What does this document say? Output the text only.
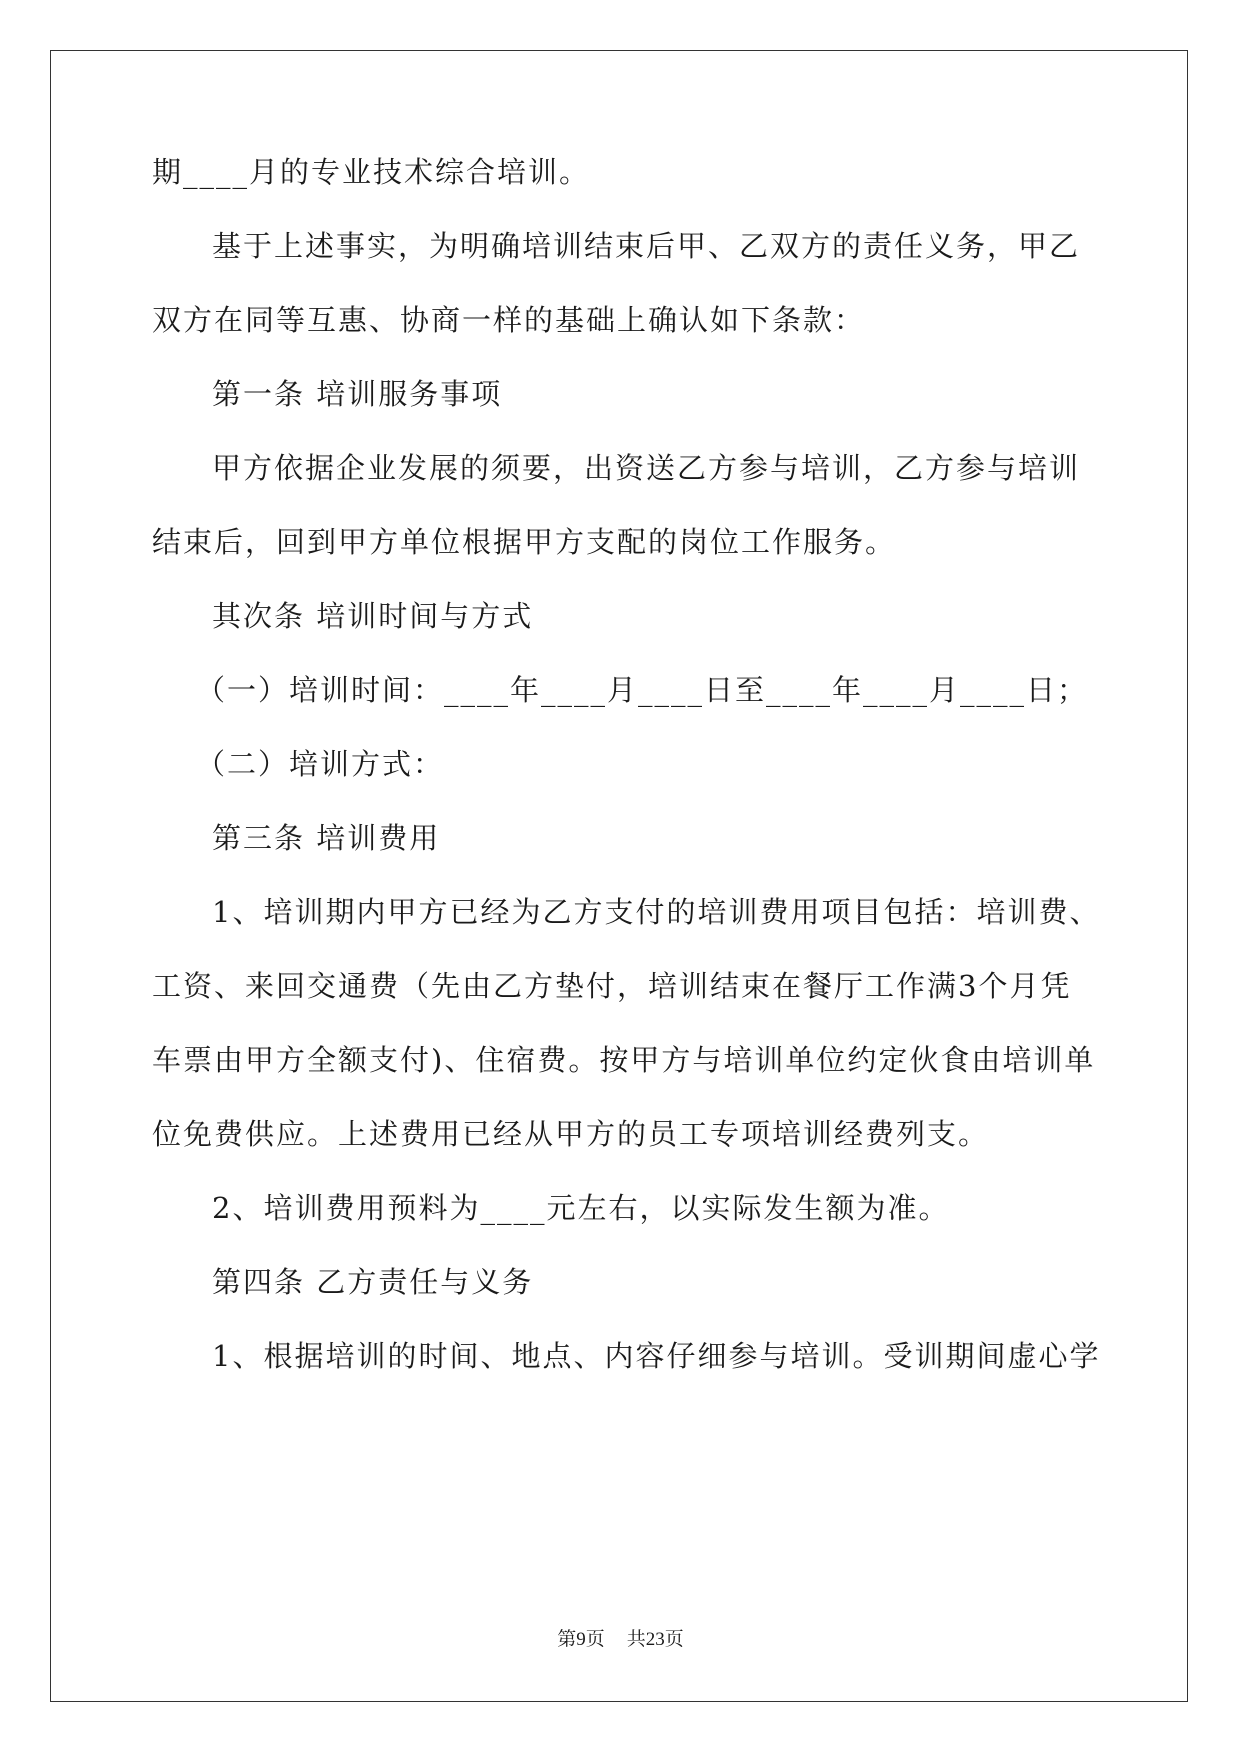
期____月的专业技术综合培训。
基于上述事实，为明确培训结束后甲、乙双方的责任义务，甲乙
双方在同等互惠、协商一样的基础上确认如下条款：
第一条 培训服务事项
甲方依据企业发展的须要，出资送乙方参与培训，乙方参与培训
结束后，回到甲方单位根据甲方支配的岗位工作服务。
其次条 培训时间与方式
（一）培训时间：____年____月____日至____年____月____日；
（二）培训方式：
第三条 培训费用
1、培训期内甲方已经为乙方支付的培训费用项目包括：培训费、
工资、来回交通费（先由乙方垫付，培训结束在餐厅工作满3个月凭
车票由甲方全额支付)、住宿费。按甲方与培训单位约定伙食由培训单
位免费供应。上述费用已经从甲方的员工专项培训经费列支。
2、培训费用预料为____元左右，以实际发生额为准。
第四条 乙方责任与义务
1、根据培训的时间、地点、内容仔细参与培训。受训期间虚心学
第9页 共23页
